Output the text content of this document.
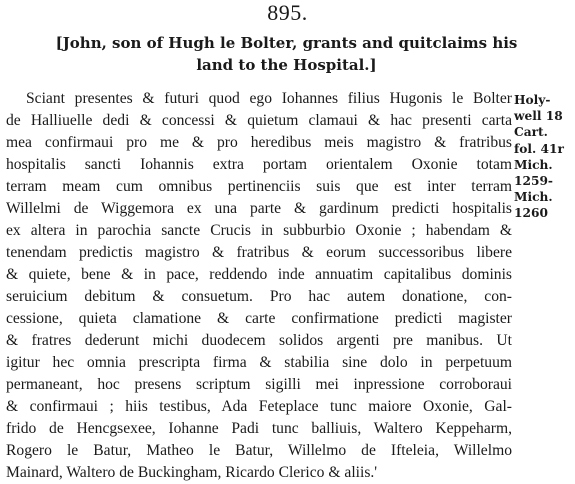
895.
[John, son of Hugh le Bolter, grants and quitclaims his
land to the Hospital.]
Sciant presentes & futuri quod ego Iohannes filius Hugonis le Bolter
de Halliuelle dedi & concessi & quietum clamaui & hac presenti carta
mea confirmaui pro me & pro heredibus meis magistro & fratribus
hospitalis sancti Iohannis extra portam orientalem Oxonie totam
terram meam cum omnibus pertinenciis suis que est inter terram
Willelmi de Wiggemora ex una parte & gardinum predicti hospitalis
ex altera in parochia sancte Crucis in subburbio Oxonie ; habendam &
tenendam predictis magistro & fratribus & eorum successoribus libere
& quiete, bene & in pace, reddendo inde annuatim capitalibus dominis
seruicium debitum & consuetum. Pro hac autem donatione, con-
cessione, quieta clamatione & carte confirmatione predicti magister
& fratres dederunt michi duodecem solidos argenti pre manibus. Ut
igitur hec omnia prescripta firma & stabilia sine dolo in perpetuum
permaneant, hoc presens scriptum sigilli mei inpressione corroboraui
& confirmaui ; hiis testibus, Ada Feteplace tunc maiore Oxonie, Gal-
frido de Hencgsexee, Iohanne Padi tunc balliuis, Waltero Keppeharm,
Rogero le Batur, Matheo le Batur, Willelmo de Ifteleia, Willelmo
Mainard, Waltero de Buckingham, Ricardo Clerico & aliis.'
Holy-
well 18
Cart.
fol. 41r
Mich.
1259-
Mich.
1260
